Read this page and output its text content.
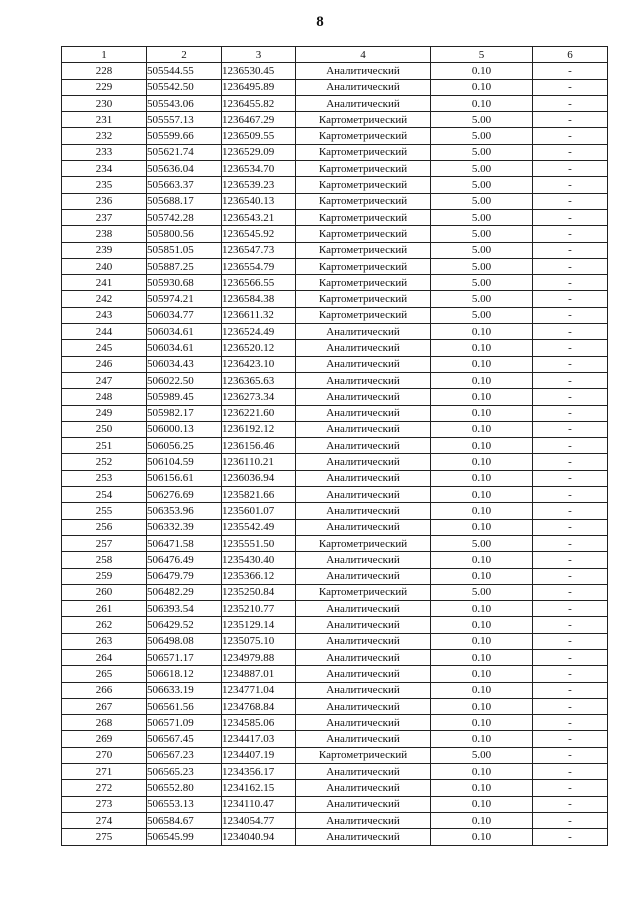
8
1	2	3	4	5	6
228	505544.55	1236530.45	Аналитический	0.10	-
229	505542.50	1236495.89	Аналитический	0.10	-
230	505543.06	1236455.82	Аналитический	0.10	-
231	505557.13	1236467.29	Картометрический	5.00	-
232	505599.66	1236509.55	Картометрический	5.00	-
233	505621.74	1236529.09	Картометрический	5.00	-
234	505636.04	1236534.70	Картометрический	5.00	-
235	505663.37	1236539.23	Картометрический	5.00	-
236	505688.17	1236540.13	Картометрический	5.00	-
237	505742.28	1236543.21	Картометрический	5.00	-
238	505800.56	1236545.92	Картометрический	5.00	-
239	505851.05	1236547.73	Картометрический	5.00	-
240	505887.25	1236554.79	Картометрический	5.00	-
241	505930.68	1236566.55	Картометрический	5.00	-
242	505974.21	1236584.38	Картометрический	5.00	-
243	506034.77	1236611.32	Картометрический	5.00	-
244	506034.61	1236524.49	Аналитический	0.10	-
245	506034.61	1236520.12	Аналитический	0.10	-
246	506034.43	1236423.10	Аналитический	0.10	-
247	506022.50	1236365.63	Аналитический	0.10	-
248	505989.45	1236273.34	Аналитический	0.10	-
249	505982.17	1236221.60	Аналитический	0.10	-
250	506000.13	1236192.12	Аналитический	0.10	-
251	506056.25	1236156.46	Аналитический	0.10	-
252	506104.59	1236110.21	Аналитический	0.10	-
253	506156.61	1236036.94	Аналитический	0.10	-
254	506276.69	1235821.66	Аналитический	0.10	-
255	506353.96	1235601.07	Аналитический	0.10	-
256	506332.39	1235542.49	Аналитический	0.10	-
257	506471.58	1235551.50	Картометрический	5.00	-
258	506476.49	1235430.40	Аналитический	0.10	-
259	506479.79	1235366.12	Аналитический	0.10	-
260	506482.29	1235250.84	Картометрический	5.00	-
261	506393.54	1235210.77	Аналитический	0.10	-
262	506429.52	1235129.14	Аналитический	0.10	-
263	506498.08	1235075.10	Аналитический	0.10	-
264	506571.17	1234979.88	Аналитический	0.10	-
265	506618.12	1234887.01	Аналитический	0.10	-
266	506633.19	1234771.04	Аналитический	0.10	-
267	506561.56	1234768.84	Аналитический	0.10	-
268	506571.09	1234585.06	Аналитический	0.10	-
269	506567.45	1234417.03	Аналитический	0.10	-
270	506567.23	1234407.19	Картометрический	5.00	-
271	506565.23	1234356.17	Аналитический	0.10	-
272	506552.80	1234162.15	Аналитический	0.10	-
273	506553.13	1234110.47	Аналитический	0.10	-
274	506584.67	1234054.77	Аналитический	0.10	-
275	506545.99	1234040.94	Аналитический	0.10	-
